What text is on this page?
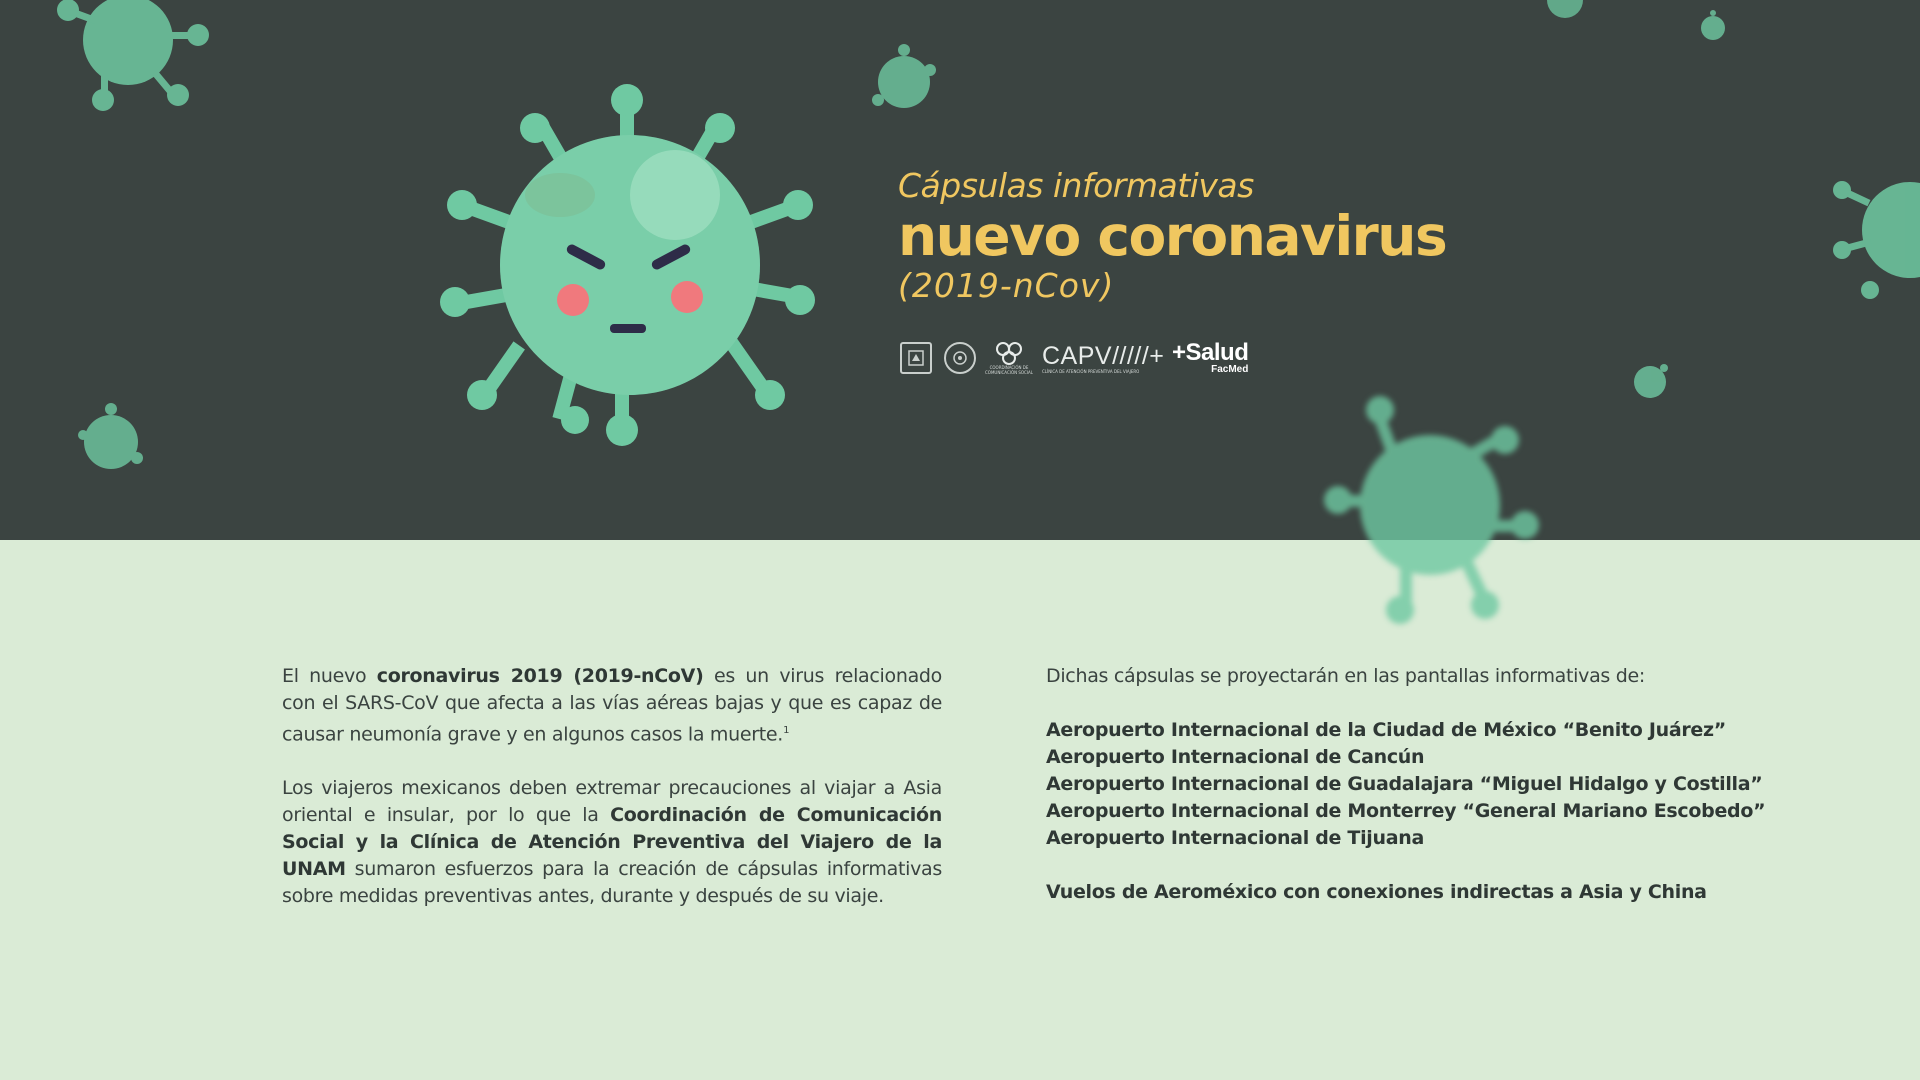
Cápsulas informativas
nuevo coronavirus
(2019-nCov)
COORDINACIÓN DE
COMUNICACIÓN SOCIAL
CAPV/////+
CLÍNICA DE ATENCIÓN PREVENTIVA DEL VIAJERO
+Salud
FacMed

El nuevo coronavirus 2019 (2019-nCoV) es un virus relacionado con el SARS-CoV que afecta a las vías aéreas bajas y que es capaz de causar neumonía grave y en algunos casos la muerte.$^1$

Los viajeros mexicanos deben extremar precauciones al viajar a Asia oriental e insular, por lo que la Coordinación de Comunicación Social y la Clínica de Atención Preventiva del Viajero de la UNAM sumaron esfuerzos para la creación de cápsulas informativas sobre medidas preventivas antes, durante y después de su viaje.

Dichas cápsulas se proyectarán en las pantallas informativas de:

Aeropuerto Internacional de la Ciudad de México “Benito Juárez”
Aeropuerto Internacional de Cancún
Aeropuerto Internacional de Guadalajara “Miguel Hidalgo y Costilla”
Aeropuerto Internacional de Monterrey “General Mariano Escobedo”
Aeropuerto Internacional de Tijuana

Vuelos de Aeroméxico con conexiones indirectas a Asia y China
